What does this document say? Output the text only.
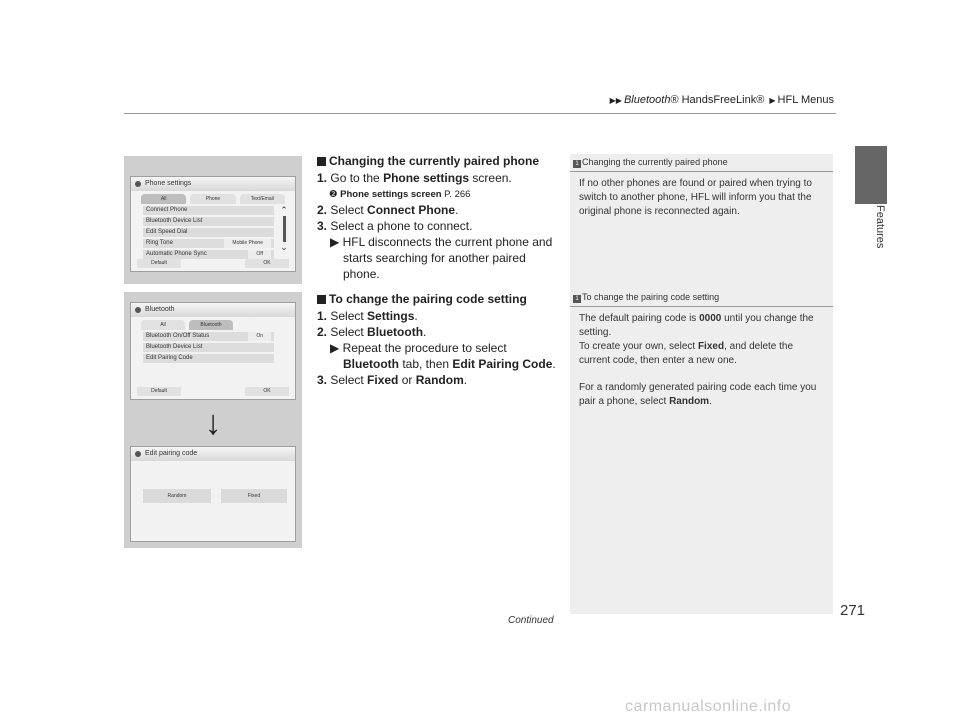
▶▶ Bluetooth® HandsFreeLink® ▶ HFL Menus
Features
Phone settings
All	Phone	Text/Email
Connect Phone
Bluetooth Device List
Edit Speed Dial
Ring Tone	Mobile Phone
Automatic Phone Sync	Off
⌃
⌄
Default	OK
Bluetooth
All	Bluetooth
Bluetooth On/Off Status	On
Bluetooth Device List
Edit Pairing Code
Default	OK
Edit pairing code
Random	Fixed
↓
Changing the currently paired phone
1. Go to the Phone settings screen.
❷ Phone settings screen P. 266
2. Select Connect Phone.
3. Select a phone to connect.
▶ HFL disconnects the current phone and
starts searching for another paired
phone.
To change the pairing code setting
1. Select Settings.
2. Select Bluetooth.
▶ Repeat the procedure to select
Bluetooth tab, then Edit Pairing Code.
3. Select Fixed or Random.
1 Changing the currently paired phone
If no other phones are found or paired when trying to
switch to another phone, HFL will inform you that the
original phone is reconnected again.
1 To change the pairing code setting
The default pairing code is 0000 until you change the
setting.
To create your own, select Fixed, and delete the
current code, then enter a new one.
For a randomly generated pairing code each time you
pair a phone, select Random.
Continued
271
carmanualsonline.info
